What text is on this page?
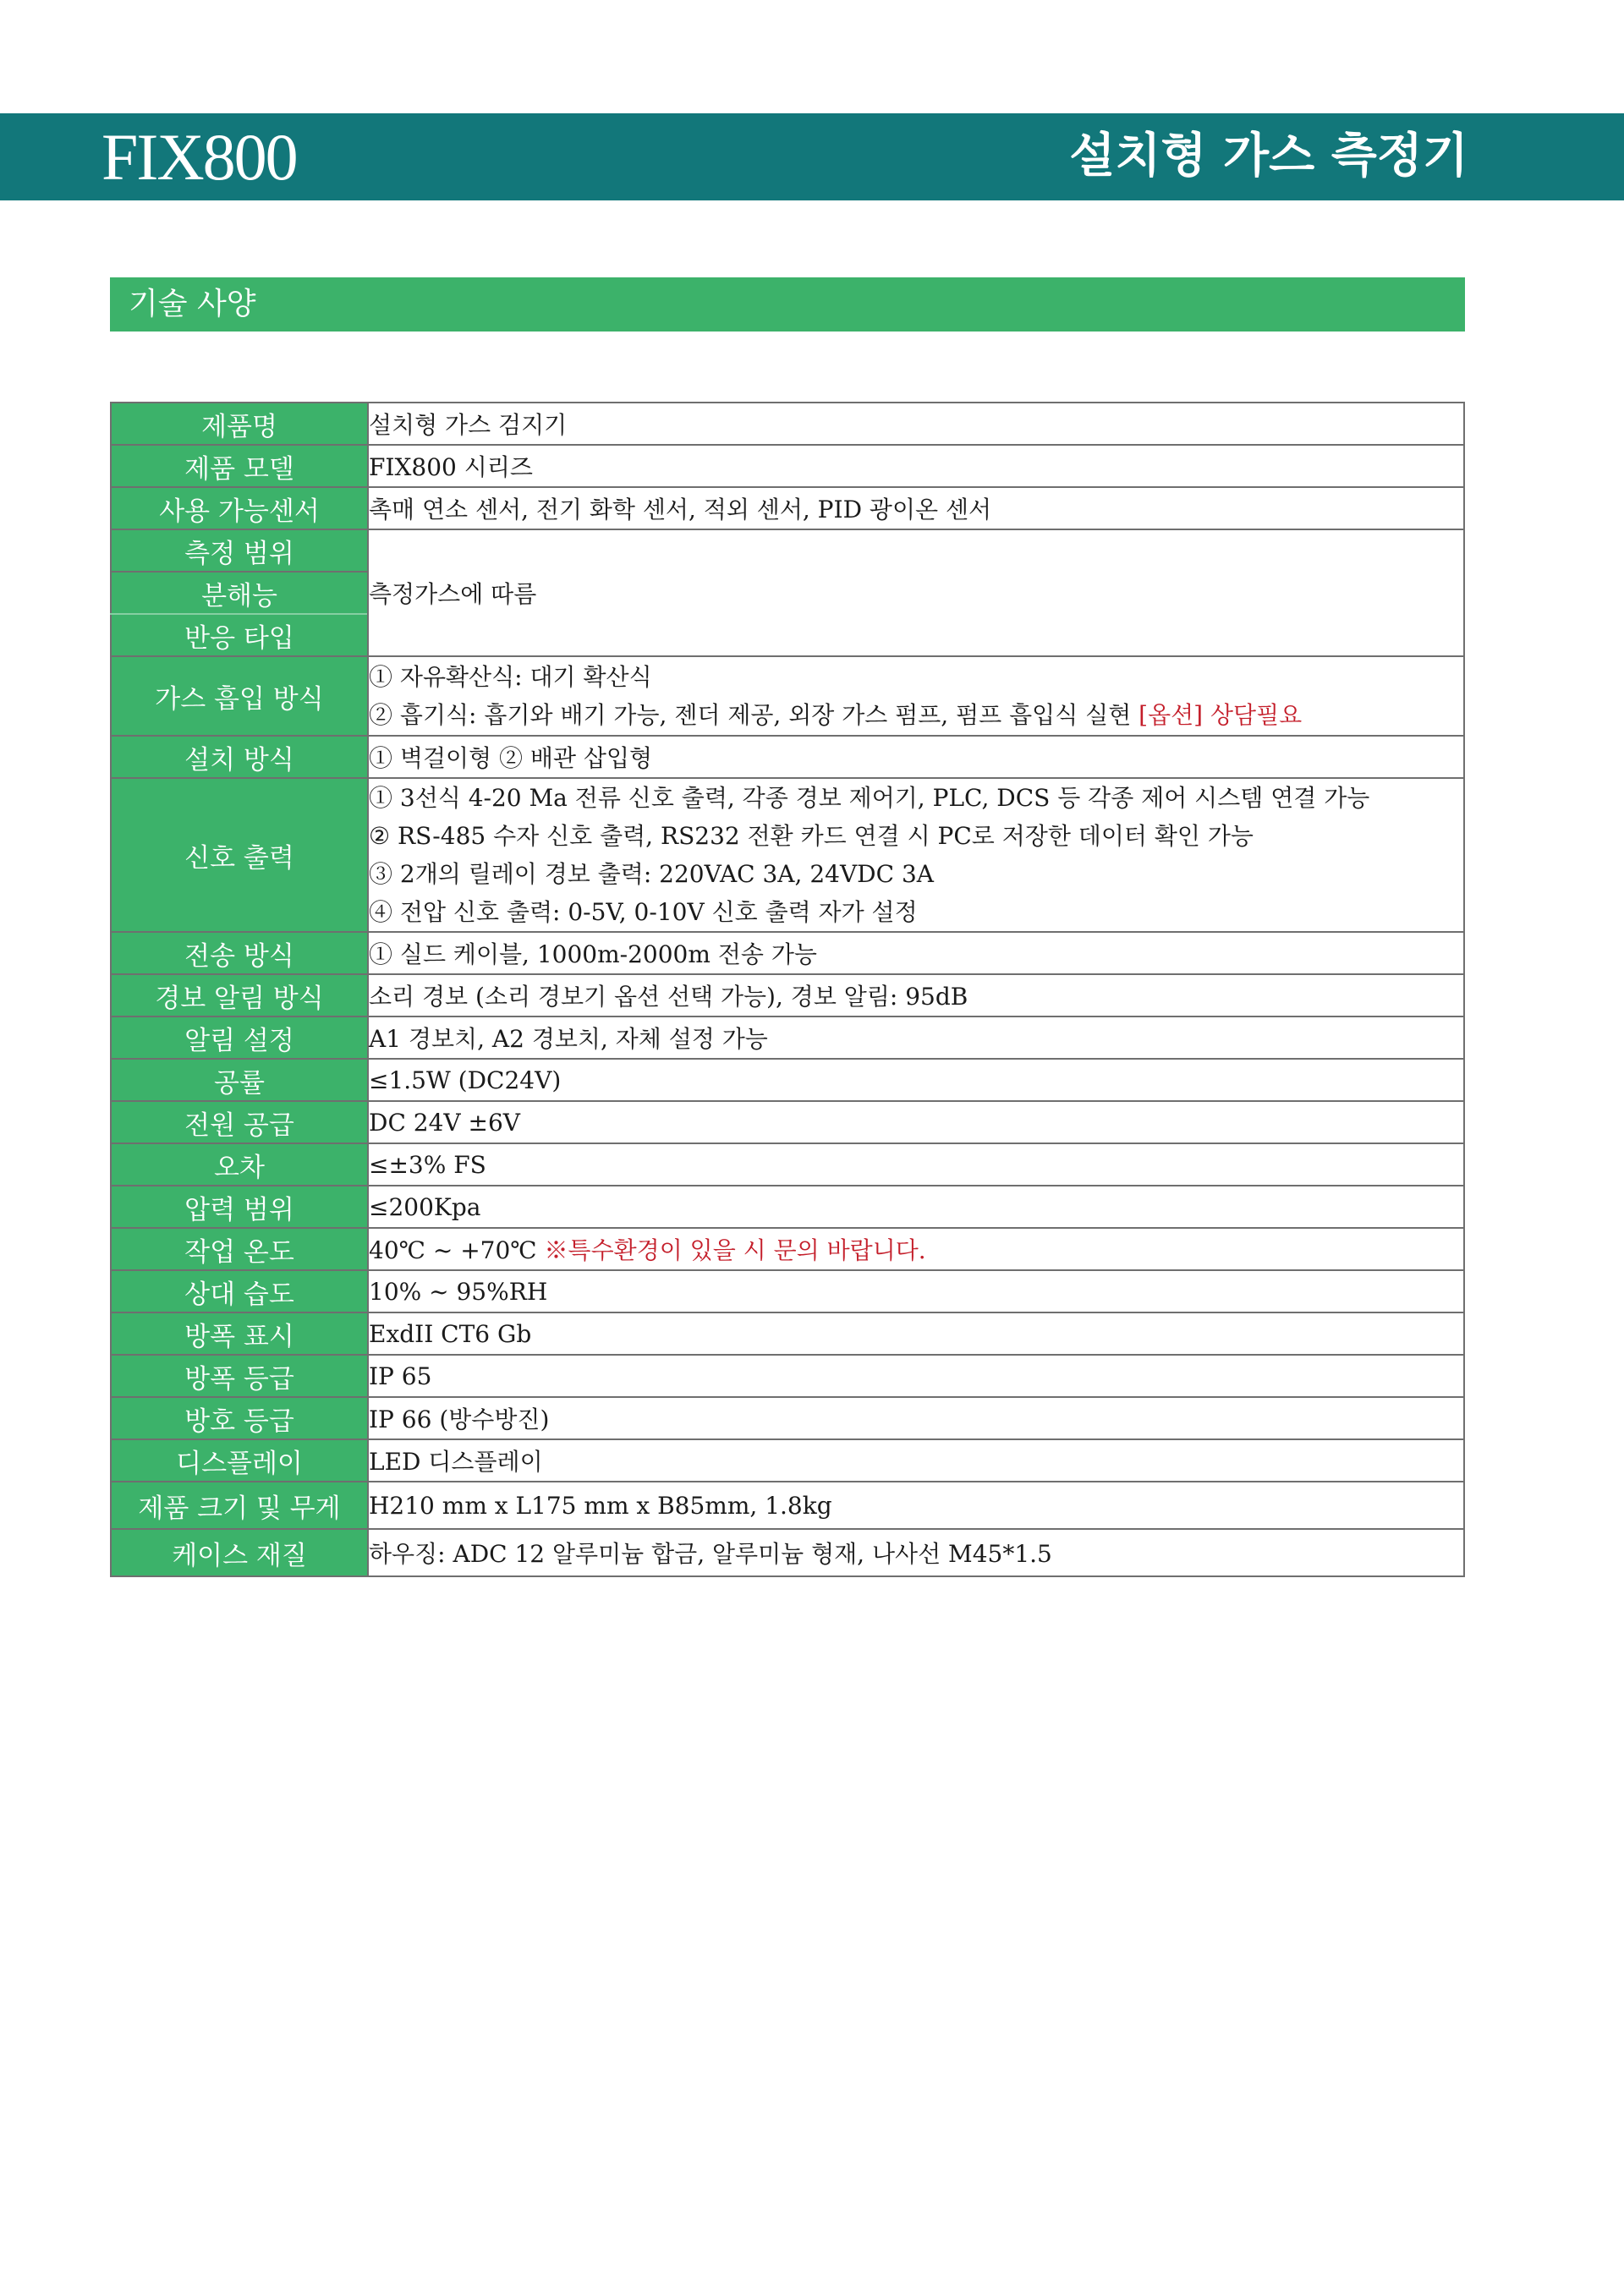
FIX800	설치형 가스 측정기
기술 사양
제품명	설치형 가스 검지기
제품 모델	FIX800 시리즈
사용 가능센서	촉매 연소 센서, 전기 화학 센서, 적외 센서, PID 광이온 센서
측정 범위	측정가스에 따름
분해능	
반응 타입	
가스 흡입 방식	① 자유확산식: 대기 확산식
② 흡기식: 흡기와 배기 가능, 젠더 제공, 외장 가스 펌프, 펌프 흡입식 실현 [옵션] 상담필요

설치 방식	① 벽걸이형 ② 배관 삽입형
신호 출력	① 3선식 4-20 Ma 전류 신호 출력, 각종 경보 제어기, PLC, DCS 등 각종 제어 시스템 연결 가능
② RS-485 수자 신호 출력, RS232 전환 카드 연결 시 PC로 저장한 데이터 확인 가능
③ 2개의 릴레이 경보 출력: 220VAC 3A, 24VDC 3A
④ 전압 신호 출력: 0-5V, 0-10V 신호 출력 자가 설정

전송 방식	① 실드 케이블, 1000m-2000m 전송 가능
경보 알림 방식	소리 경보 (소리 경보기 옵션 선택 가능), 경보 알림: 95dB
알림 설정	A1 경보치, A2 경보치, 자체 설정 가능
공률	≤1.5W (DC24V)
전원 공급	DC 24V ±6V
오차	≤±3% FS
압력 범위	≤200Kpa
작업 온도	40℃ ~ +70℃ ※특수환경이 있을 시 문의 바랍니다.
상대 습도	10% ~ 95%RH
방폭 표시	ExdII CT6 Gb
방폭 등급	IP 65
방호 등급	IP 66 (방수방진)
디스플레이	LED 디스플레이
제품 크기 및 무게	H210 mm x L175 mm x B85mm, 1.8kg
케이스 재질	하우징: ADC 12 알루미늄 합금, 알루미늄 형재, 나사선 M45*1.5
